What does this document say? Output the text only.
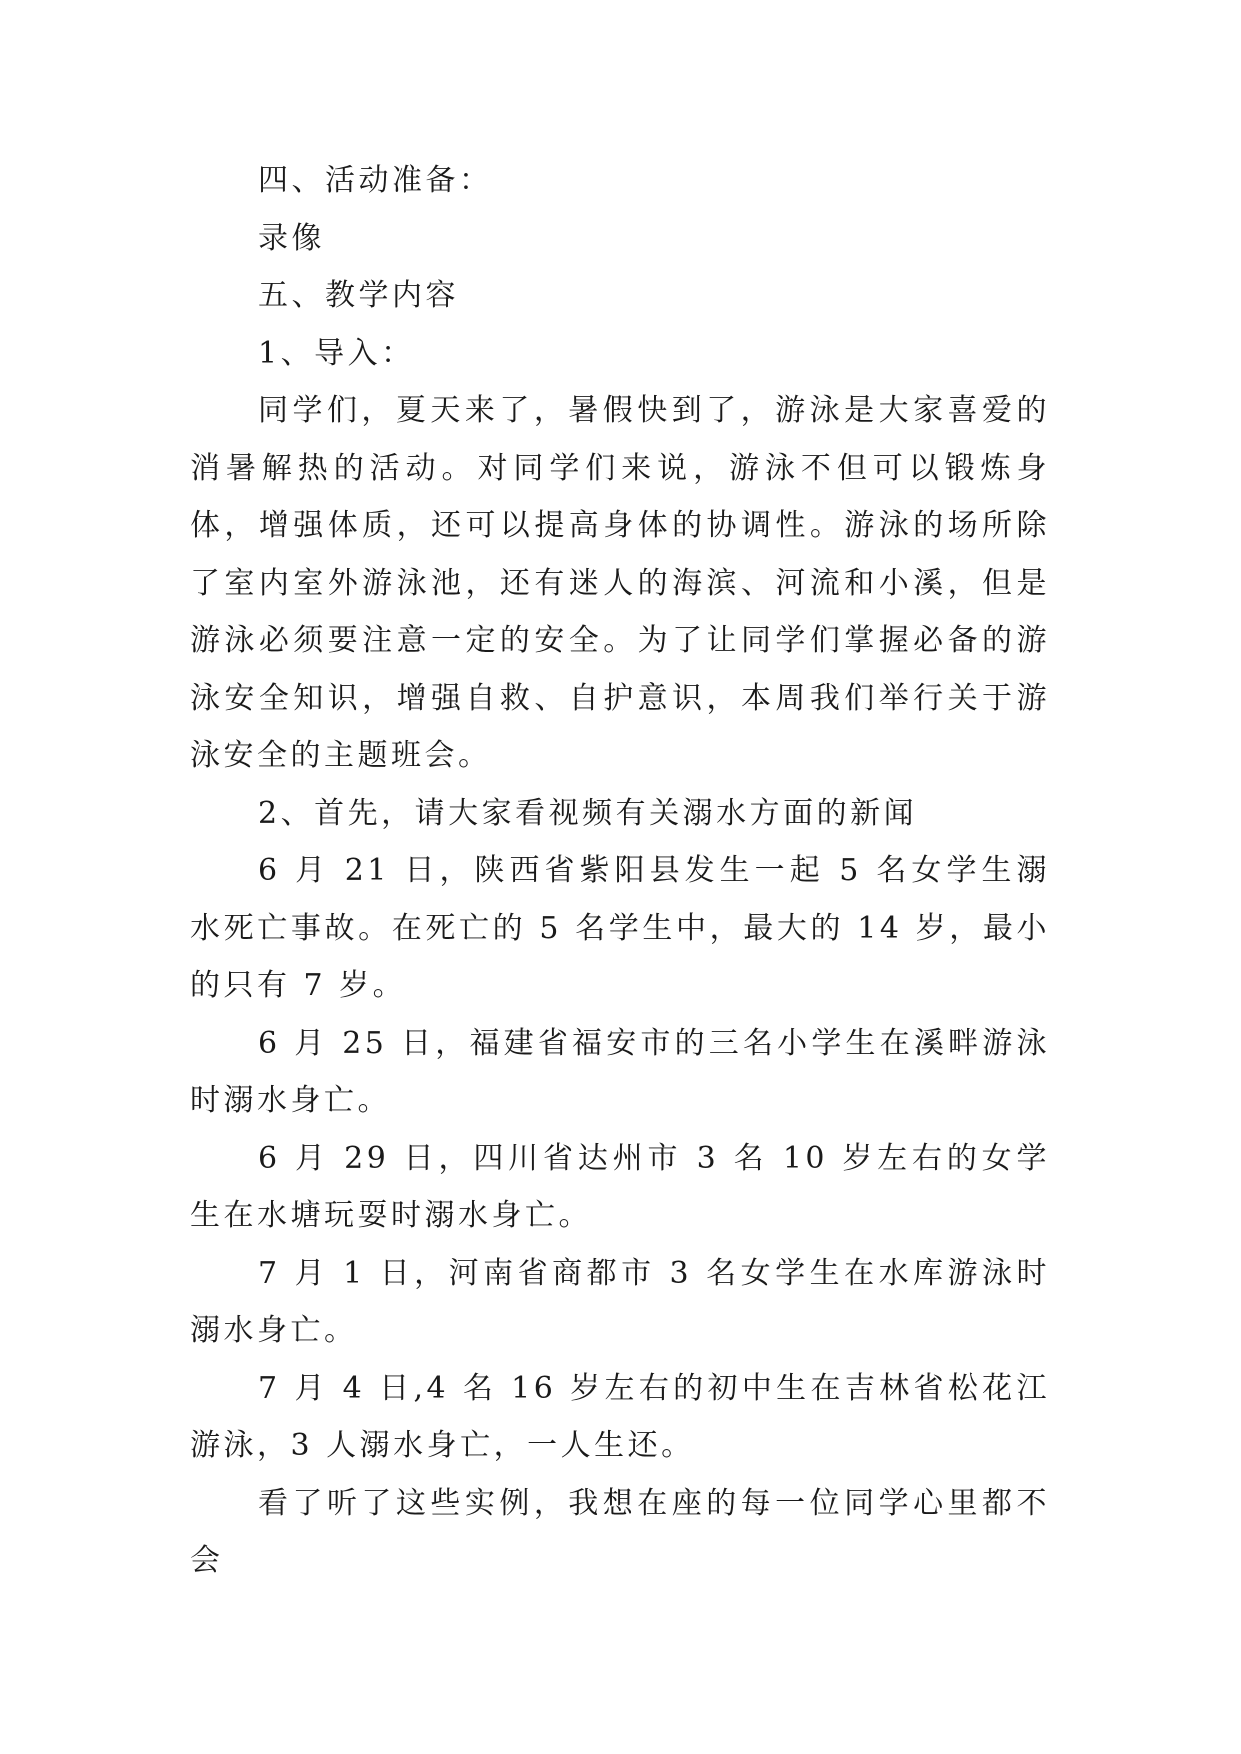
四、活动准备：

录像

五、教学内容

1、导入：

同学们，夏天来了，暑假快到了，游泳是大家喜爱的消暑解热的活动。对同学们来说，游泳不但可以锻炼身体，增强体质，还可以提高身体的协调性。游泳的场所除了室内室外游泳池，还有迷人的海滨、河流和小溪，但是游泳必须要注意一定的安全。为了让同学们掌握必备的游泳安全知识，增强自救、自护意识，本周我们举行关于游泳安全的主题班会。

2、首先，请大家看视频有关溺水方面的新闻

6 月 21 日，陕西省紫阳县发生一起 5 名女学生溺水死亡事故。在死亡的 5 名学生中，最大的 14 岁，最小的只有 7 岁。

6 月 25 日，福建省福安市的三名小学生在溪畔游泳时溺水身亡。

6 月 29 日，四川省达州市 3 名 10 岁左右的女学生在水塘玩耍时溺水身亡。

7 月 1 日，河南省商都市 3 名女学生在水库游泳时溺水身亡。

7 月 4 日,4 名 16 岁左右的初中生在吉林省松花江游泳，3 人溺水身亡，一人生还。

看了听了这些实例，我想在座的每一位同学心里都不会
